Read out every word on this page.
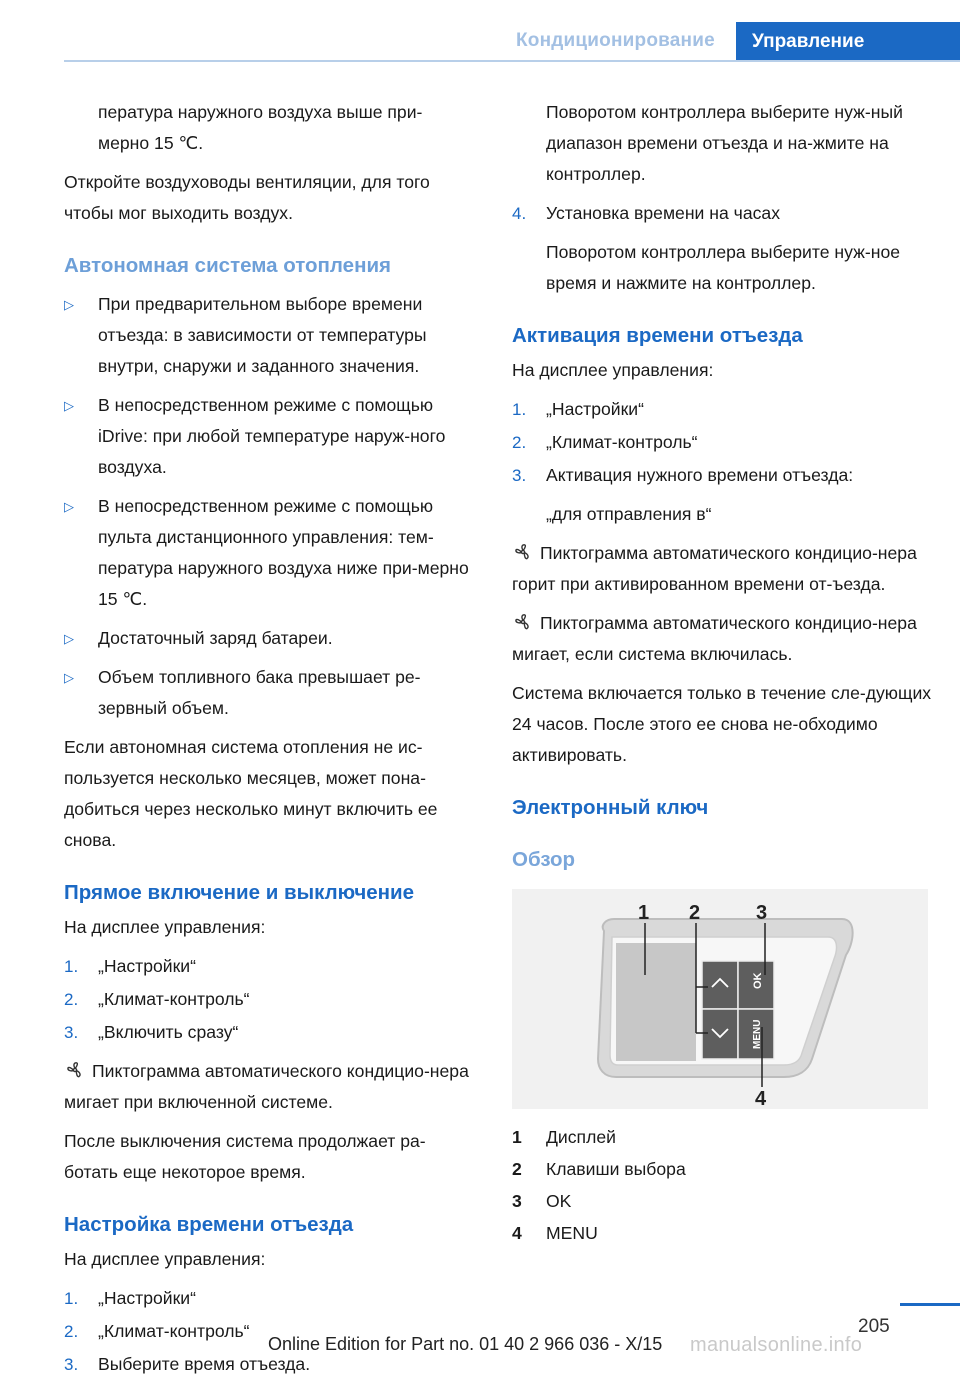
Кондиционирование	Управление

пература наружного воздуха выше при-

мерно 15 ℃.

Откройте воздуховоды вентиляции, для того чтобы мог выходить воздух.

Автономная система отопления
▷ При предварительном выборе времени отъезда: в зависимости от температуры внутри, снаружи и заданного значения.
▷ В непосредственном режиме с помощью iDrive: при любой температуре наруж-ного воздуха.
▷ В непосредственном режиме с помощью пульта дистанционного управления: тем-пература наружного воздуха ниже при-мерно 15 ℃.
▷ Достаточный заряд батареи.
▷ Объем топливного бака превышает ре-зервный объем.

Если автономная система отопления не ис-пользуется несколько месяцев, может пона-добиться через несколько минут включить ее снова.

Прямое включение и выключение

На дисплее управления:

1. „Настройки“
2. „Климат-контроль“
3. „Включить сразу“

Пиктограмма автоматического кондицио-нера мигает при включенной системе.

После выключения система продолжает ра-ботать еще некоторое время.

Настройка времени отъезда

На дисплее управления:

1. „Настройки“
2. „Климат-контроль“
3. Выберите время отъезда.

Поворотом контроллера выберите нуж-ный диапазон времени отъезда и на-жмите на контроллер.

4. Установка времени на часах

Поворотом контроллера выберите нуж-ное время и нажмите на контроллер.

Активация времени отъезда

На дисплее управления:

1. „Настройки“
2. „Климат-контроль“
3. Активация нужного времени отъезда:

„для отправления в“

Пиктограмма автоматического кондицио-нера горит при активированном времени от-ъезда.

Пиктограмма автоматического кондицио-нера мигает, если система включилась.

Система включается только в течение сле-дующих 24 часов. После этого ее снова не-обходимо активировать.

Электронный ключ
Обзор
OK
MENU
1 2	3
4
1 Дисплей
2 Клавиши выбора
3 OK
4 MENU
205
Online Edition for Part no. 01 40 2 966 036 - X/15 manualsonline.info
